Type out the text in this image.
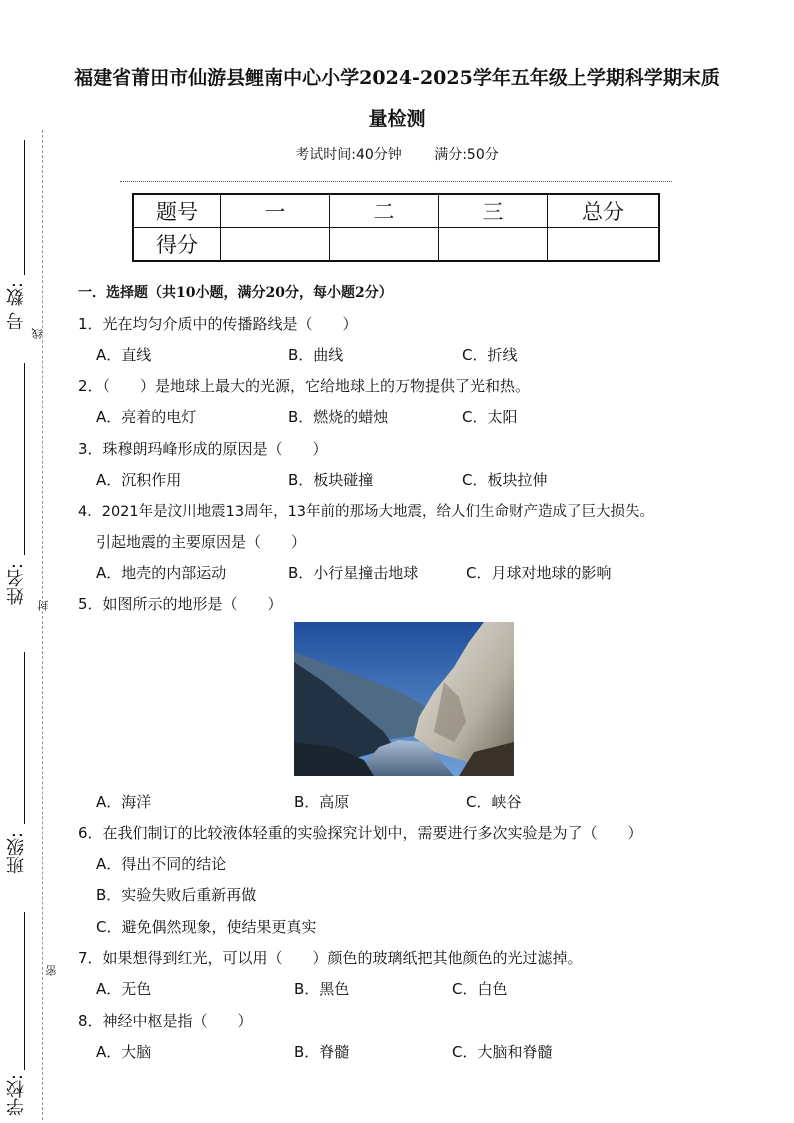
号 数:
线
姓名:
封
班级:
密
学校:
福建省莆田市仙游县鲤南中心小学2024-2025学年五年级上学期科学期末质
量检测
考试时间:40分钟 满分:50分
题号	一	二	三	总分
得分				
一．选择题（共10小题，满分20分，每小题2分）
1．光在均匀介质中的传播路线是（　　）
A．直线	B．曲线	C．折线
2．（　　）是地球上最大的光源，它给地球上的万物提供了光和热。
A．亮着的电灯	B．燃烧的蜡烛	C．太阳
3．珠穆朗玛峰形成的原因是（　　）
A．沉积作用	B．板块碰撞	C．板块拉伸
4．2021年是汶川地震13周年，13年前的那场大地震，给人们生命财产造成了巨大损失。
引起地震的主要原因是（　　）
A．地壳的内部运动	B．小行星撞击地球	C．月球对地球的影响
5．如图所示的地形是（　　）
A．海洋	B．高原	C．峡谷
6．在我们制订的比较液体轻重的实验探究计划中，需要进行多次实验是为了（　　）
A．得出不同的结论
B．实验失败后重新再做
C．避免偶然现象，使结果更真实
7．如果想得到红光，可以用（　　）颜色的玻璃纸把其他颜色的光过滤掉。
A．无色	B．黑色	C．白色
8．神经中枢是指（　　）
A．大脑	B．脊髓	C．大脑和脊髓
